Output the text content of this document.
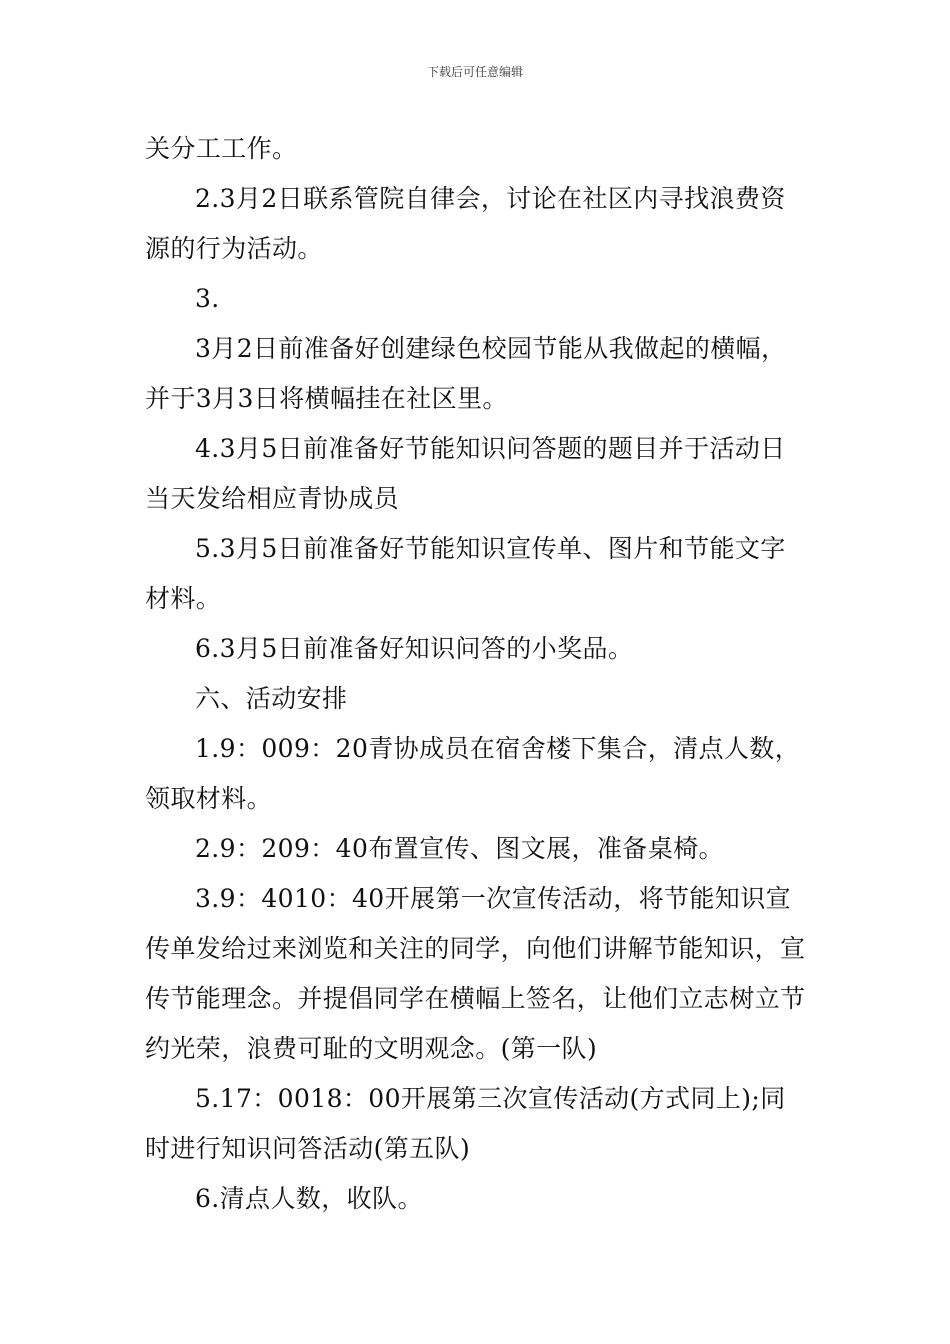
下载后可任意编辑

关分工工作。

2.3月2日联系管院自律会，讨论在社区内寻找浪费资源的行为活动。

3.

3月2日前准备好创建绿色校园节能从我做起的横幅，并于3月3日将横幅挂在社区里。

4.3月5日前准备好节能知识问答题的题目并于活动日当天发给相应青协成员

5.3月5日前准备好节能知识宣传单、图片和节能文字材料。

6.3月5日前准备好知识问答的小奖品。

六、活动安排

1.9：009：20青协成员在宿舍楼下集合，清点人数，领取材料。

2.9：209：40布置宣传、图文展，准备桌椅。

3.9：4010：40开展第一次宣传活动，将节能知识宣传单发给过来浏览和关注的同学，向他们讲解节能知识，宣传节能理念。并提倡同学在横幅上签名，让他们立志树立节约光荣，浪费可耻的文明观念。(第一队)

5.17：0018：00开展第三次宣传活动(方式同上);同时进行知识问答活动(第五队)

6.清点人数，收队。
